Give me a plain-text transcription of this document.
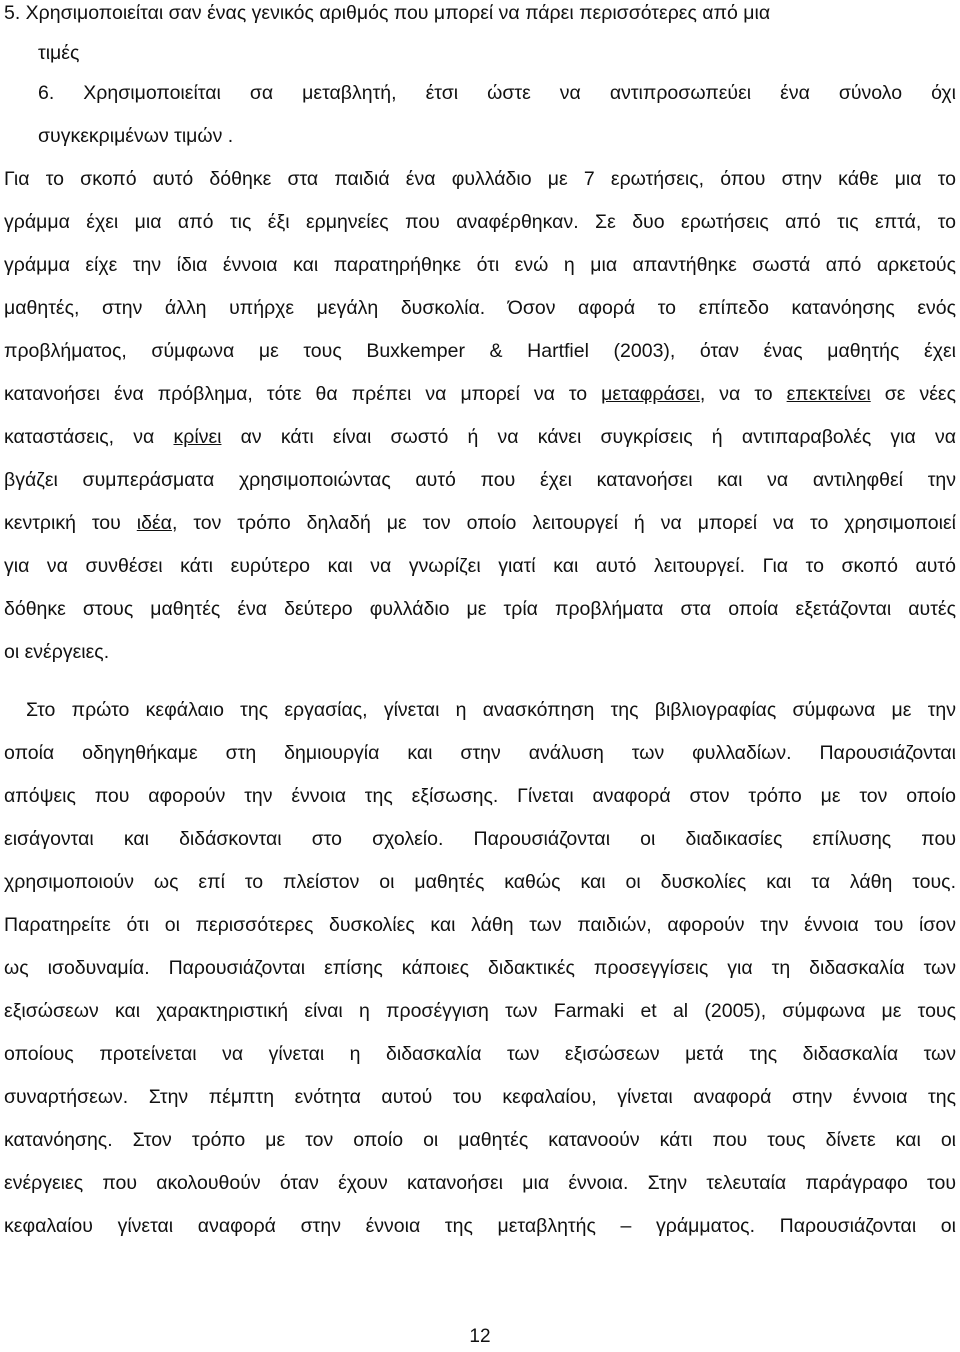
5. Χρησιμοποιείται σαν ένας γενικός αριθμός που μπορεί να πάρει περισσότερες από μια
τιμές
6. Χρησιμοποιείται σα μεταβλητή, έτσι ώστε να αντιπροσωπεύει ένα σύνολο όχι
συγκεκριμένων τιμών .
Για το σκοπό αυτό δόθηκε στα παιδιά ένα φυλλάδιο με 7 ερωτήσεις, όπου στην κάθε μια το
γράμμα έχει μια από τις έξι ερμηνείες που αναφέρθηκαν. Σε δυο ερωτήσεις από τις επτά, το
γράμμα είχε την ίδια έννοια και παρατηρήθηκε ότι ενώ η μια απαντήθηκε σωστά από αρκετούς
μαθητές, στην άλλη υπήρχε μεγάλη δυσκολία. Όσον αφορά το επίπεδο κατανόησης ενός
προβλήματος, σύμφωνα με τους Buxkemper & Hartfiel (2003), όταν ένας μαθητής έχει
κατανοήσει ένα πρόβλημα, τότε θα πρέπει να μπορεί να το μεταφράσει, να το επεκτείνει σε νέες
καταστάσεις, να κρίνει αν κάτι είναι σωστό ή να κάνει συγκρίσεις ή αντιπαραβολές για να
βγάζει συμπεράσματα χρησιμοποιώντας αυτό που έχει κατανοήσει και να αντιληφθεί την
κεντρική του ιδέα, τον τρόπο δηλαδή με τον οποίο λειτουργεί ή να μπορεί να το χρησιμοποιεί
για να συνθέσει κάτι ευρύτερο και να γνωρίζει γιατί και αυτό λειτουργεί. Για το σκοπό αυτό
δόθηκε στους μαθητές ένα δεύτερο φυλλάδιο με τρία προβλήματα στα οποία εξετάζονται αυτές
οι ενέργειες.
Στο πρώτο κεφάλαιο της εργασίας, γίνεται η ανασκόπηση της βιβλιογραφίας σύμφωνα με την
οποία οδηγηθήκαμε στη δημιουργία και στην ανάλυση των φυλλαδίων. Παρουσιάζονται
απόψεις που αφορούν την έννοια της εξίσωσης. Γίνεται αναφορά στον τρόπο με τον οποίο
εισάγονται και διδάσκονται στο σχολείο. Παρουσιάζονται οι διαδικασίες επίλυσης που
χρησιμοποιούν ως επί το πλείστον οι μαθητές καθώς και οι δυσκολίες και τα λάθη τους.
Παρατηρείτε ότι οι περισσότερες δυσκολίες και λάθη των παιδιών, αφορούν την έννοια του ίσον
ως ισοδυναμία. Παρουσιάζονται επίσης κάποιες διδακτικές προσεγγίσεις για τη διδασκαλία των
εξισώσεων και χαρακτηριστική είναι η προσέγγιση των Farmaki et al (2005), σύμφωνα με τους
οποίους προτείνεται να γίνεται η διδασκαλία των εξισώσεων μετά της διδασκαλία των
συναρτήσεων. Στην πέμπτη ενότητα αυτού του κεφαλαίου, γίνεται αναφορά στην έννοια της
κατανόησης. Στον τρόπο με τον οποίο οι μαθητές κατανοούν κάτι που τους δίνετε και οι
ενέργειες που ακολουθούν όταν έχουν κατανοήσει μια έννοια. Στην τελευταία παράγραφο του
κεφαλαίου γίνεται αναφορά στην έννοια της μεταβλητής – γράμματος. Παρουσιάζονται οι
12
